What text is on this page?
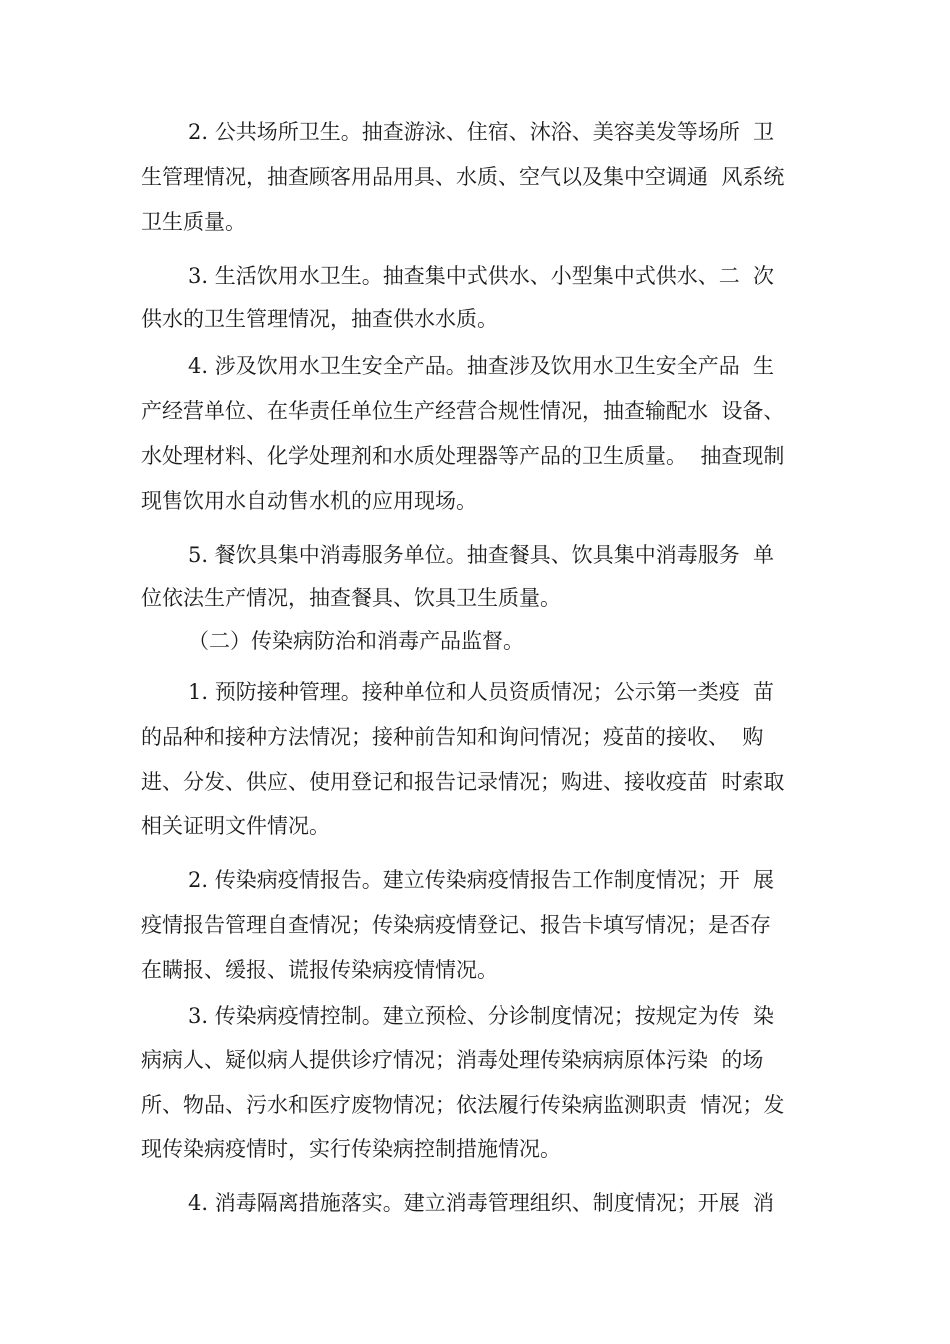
2. 公共场所卫生。抽查游泳、住宿、沐浴、美容美发等场所  卫
生管理情况，抽查顾客用品用具、水质、空气以及集中空调通  风系统
卫生质量。
3. 生活饮用水卫生。抽查集中式供水、小型集中式供水、二  次
供水的卫生管理情况，抽查供水水质。
4. 涉及饮用水卫生安全产品。抽查涉及饮用水卫生安全产品  生
产经营单位、在华责任单位生产经营合规性情况，抽查输配水  设备、
水处理材料、化学处理剂和水质处理器等产品的卫生质量。  抽查现制
现售饮用水自动售水机的应用现场。
5. 餐饮具集中消毒服务单位。抽查餐具、饮具集中消毒服务  单
位依法生产情况，抽查餐具、饮具卫生质量。
（二）传染病防治和消毒产品监督。
1. 预防接种管理。接种单位和人员资质情况；公示第一类疫  苗
的品种和接种方法情况；接种前告知和询问情况；疫苗的接收、  购
进、分发、供应、使用登记和报告记录情况；购进、接收疫苗  时索取
相关证明文件情况。
2. 传染病疫情报告。建立传染病疫情报告工作制度情况；开  展
疫情报告管理自查情况；传染病疫情登记、报告卡填写情况；是否存
在瞒报、缓报、谎报传染病疫情情况。
3. 传染病疫情控制。建立预检、分诊制度情况；按规定为传  染
病病人、疑似病人提供诊疗情况；消毒处理传染病病原体污染  的场
所、物品、污水和医疗废物情况；依法履行传染病监测职责  情况；发
现传染病疫情时，实行传染病控制措施情况。
4. 消毒隔离措施落实。建立消毒管理组织、制度情况；开展  消
